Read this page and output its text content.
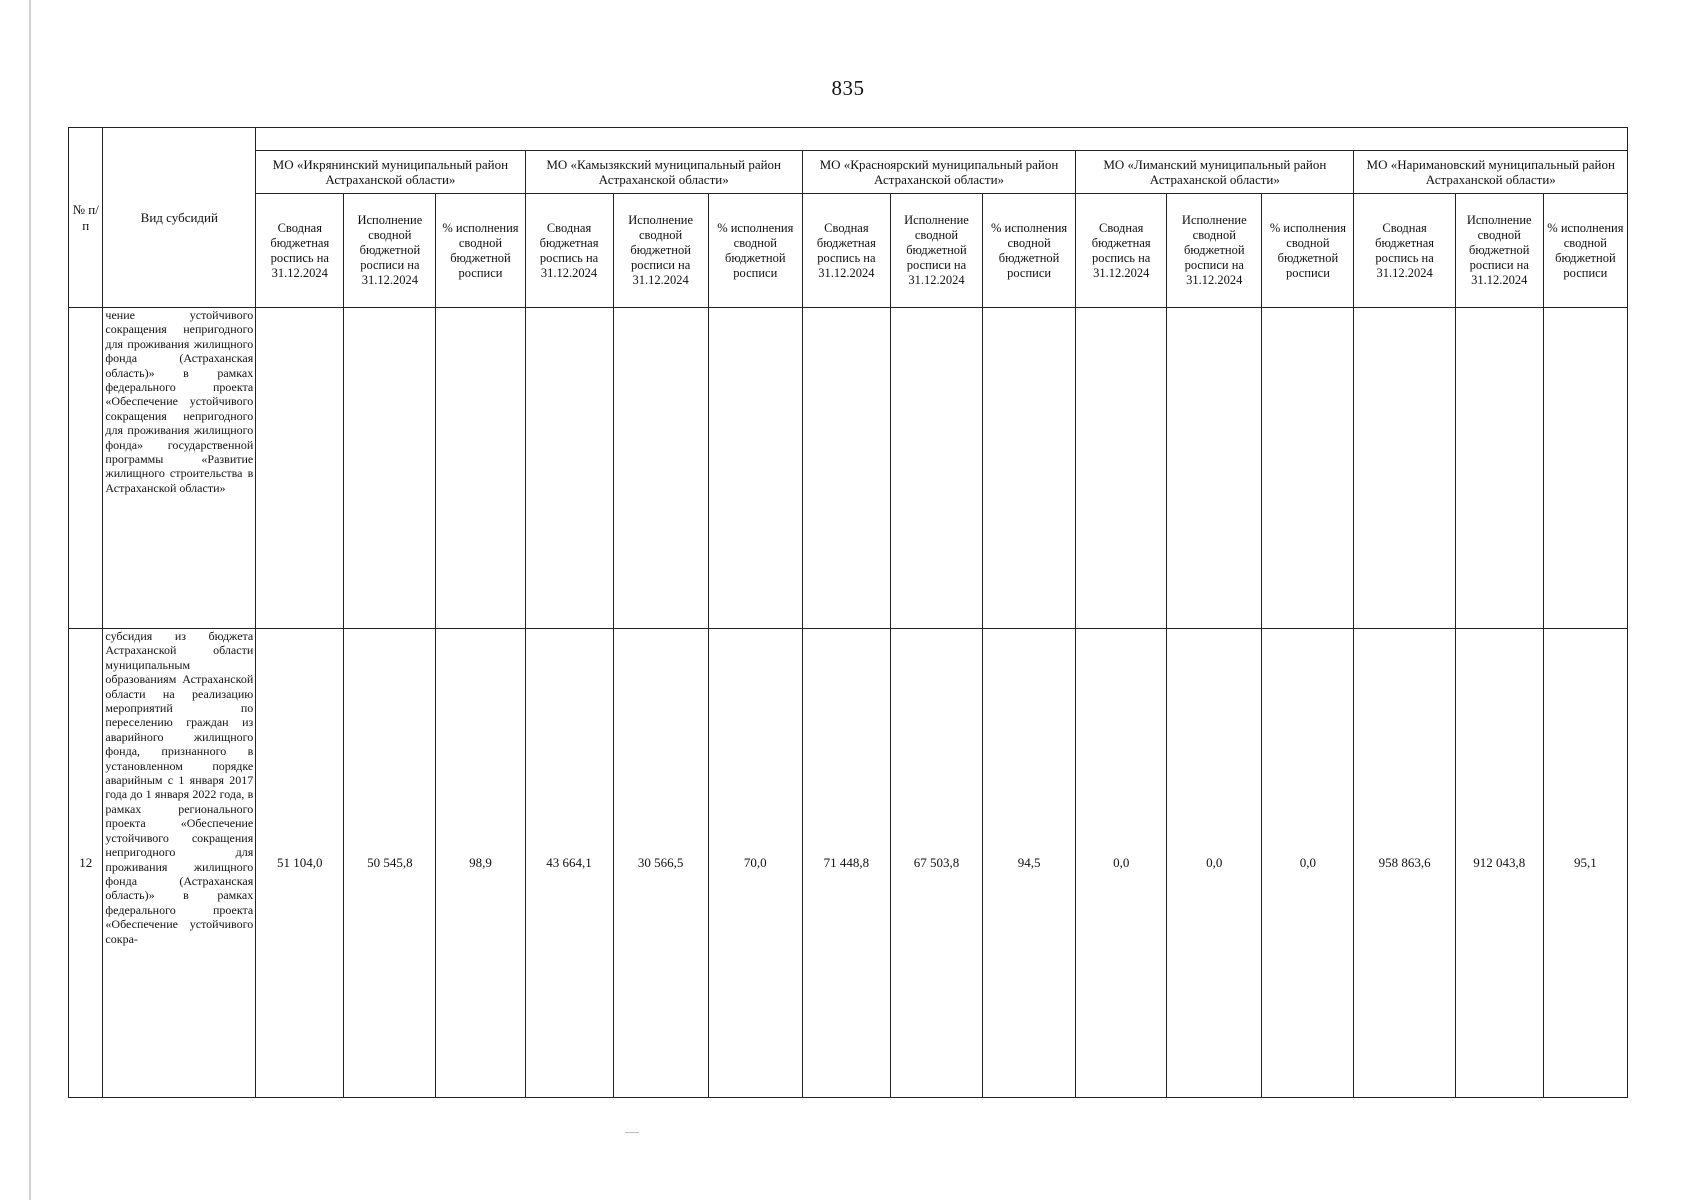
835
№ п/п	Вид субсидий															
		МО «Икрянинский муниципальный район Астраханской области»			МО «Камызякский муниципальный район Астраханской области»			МО «Красноярский муниципальный район Астраханской области»			МО «Лиманский муниципальный район Астраханской области»			МО «Наримановский муниципальный район Астраханской области»		
		Сводная бюджетная роспись на 31.12.2024	Исполнение сводной бюджетной росписи на 31.12.2024	% исполнения сводной бюджетной росписи	Сводная бюджетная роспись на 31.12.2024	Исполнение сводной бюджетной росписи на 31.12.2024	% исполнения сводной бюджетной росписи	Сводная бюджетная роспись на 31.12.2024	Исполнение сводной бюджетной росписи на 31.12.2024	% исполнения сводной бюджетной росписи	Сводная бюджетная роспись на 31.12.2024	Исполнение сводной бюджетной росписи на 31.12.2024	% исполнения сводной бюджетной росписи	Сводная бюджетная роспись на 31.12.2024	Исполнение сводной бюджетной росписи на 31.12.2024	% исполнения сводной бюджетной росписи
	чение устойчивого сокращения непригодного для проживания жилищного фонда (Астраханская область)» в рамках федерального проекта «Обеспечение устойчивого сокращения непригодного для проживания жилищного фонда» государственной программы «Развитие жилищного строительства в Астраханской области»															
12	субсидия из бюджета Астраханской области муниципальным образованиям Астраханской области на реализацию мероприятий по переселению граждан из аварийного жилищного фонда, признанного в установленном порядке аварийным с 1 января 2017 года до 1 января 2022 года, в рамках регионального проекта «Обеспечение устойчивого сокращения непригодного для проживания жилищного фонда (Астраханская область)» в рамках федерального проекта «Обеспечение устойчивого сокра-	51 104,0	50 545,8	98,9	43 664,1	30 566,5	70,0	71 448,8	67 503,8	94,5	0,0	0,0	0,0	958 863,6	912 043,8	95,1
